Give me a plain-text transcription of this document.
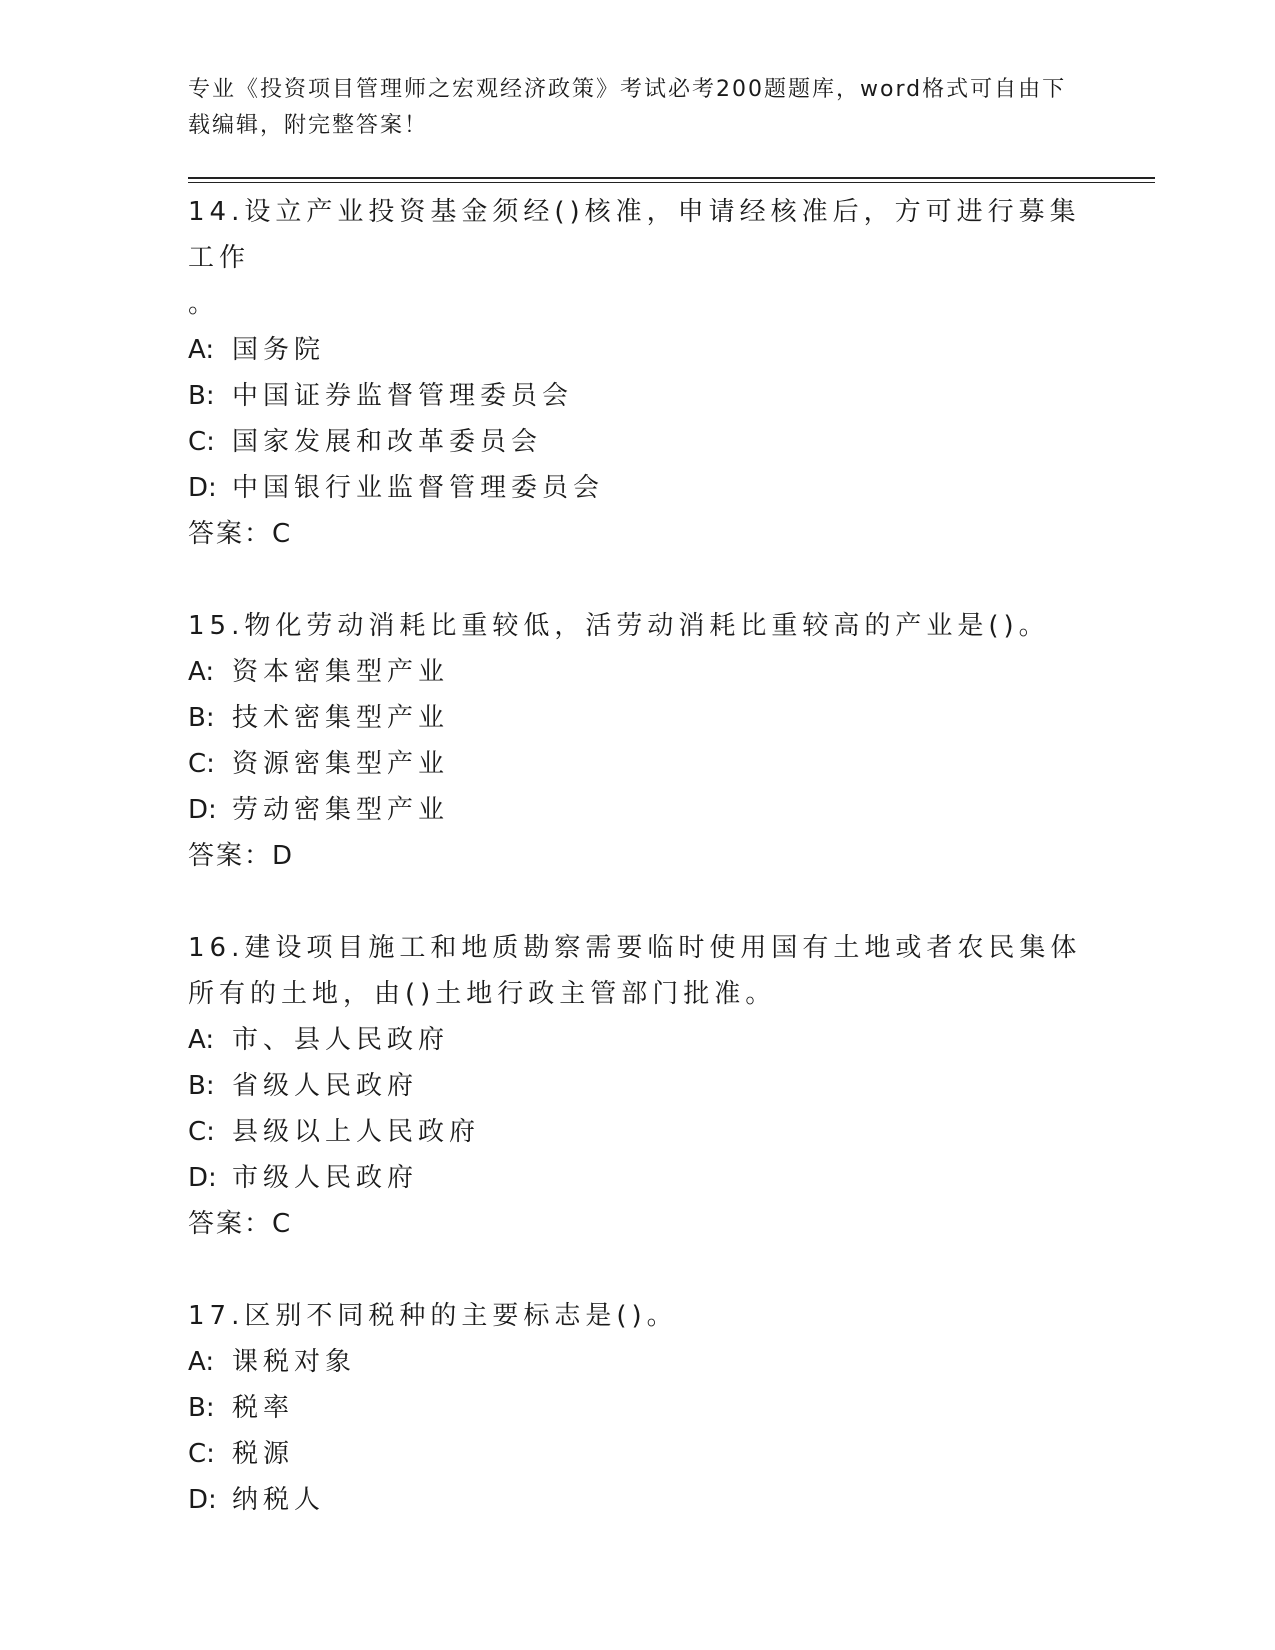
专业《投资项目管理师之宏观经济政策》考试必考200题题库，word格式可自由下载编辑，附完整答案！

14.设立产业投资基金须经()核准，申请经核准后，方可进行募集工作
。

A: 国务院

B: 中国证券监督管理委员会

C: 国家发展和改革委员会

D: 中国银行业监督管理委员会

答案：C

15.物化劳动消耗比重较低，活劳动消耗比重较高的产业是()。

A: 资本密集型产业

B: 技术密集型产业

C: 资源密集型产业

D: 劳动密集型产业

答案：D

16.建设项目施工和地质勘察需要临时使用国有土地或者农民集体所有的土地，由()土地行政主管部门批准。

A: 市、县人民政府

B: 省级人民政府

C: 县级以上人民政府

D: 市级人民政府

答案：C

17.区别不同税种的主要标志是()。

A: 课税对象

B: 税率

C: 税源

D: 纳税人
